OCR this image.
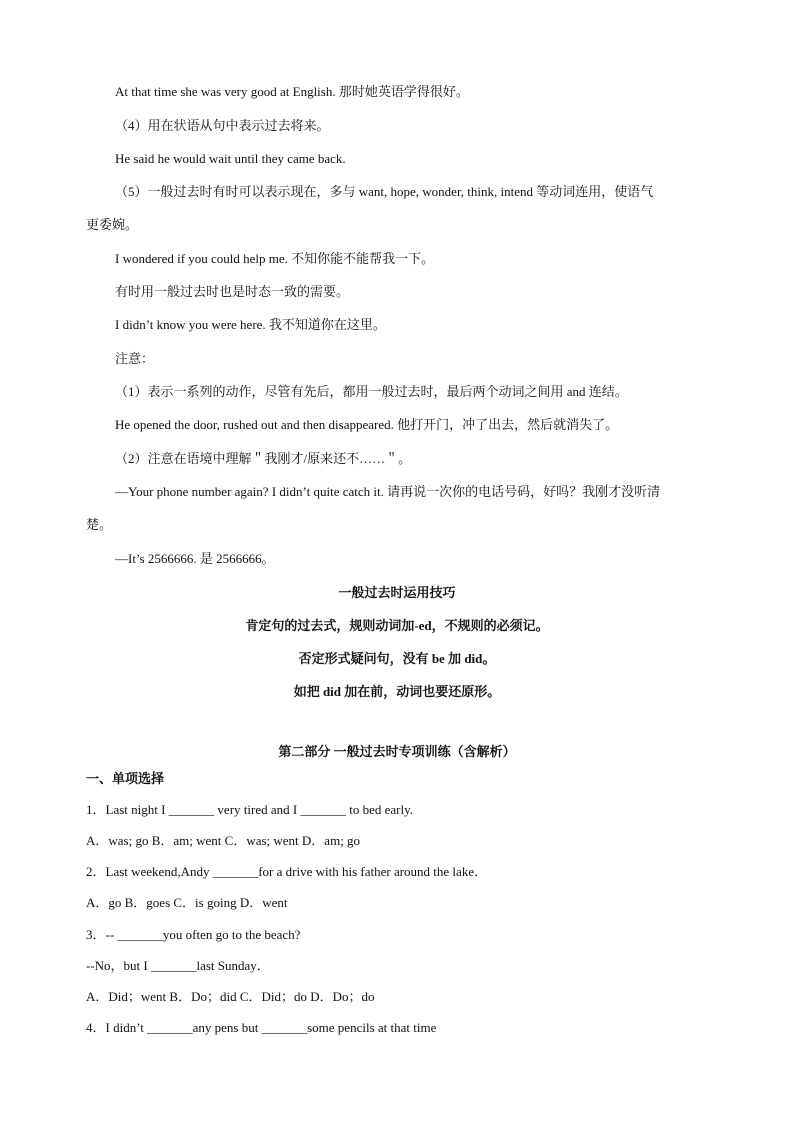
At that time she was very good at English. 那时她英语学得很好。
（4）用在状语从句中表示过去将来。
He said he would wait until they came back.
（5）一般过去时有时可以表示现在，多与 want, hope, wonder, think, intend 等动词连用，使语气
更委婉。
I wondered if you could help me. 不知你能不能帮我一下。
有时用一般过去时也是时态一致的需要。
I didn’t know you were here. 我不知道你在这里。
注意：
（1）表示一系列的动作，尽管有先后，都用一般过去时，最后两个动词之间用 and 连结。
He opened the door, rushed out and then disappeared. 他打开门，冲了出去，然后就消失了。
（2）注意在语境中理解＂我刚才/原来还不……＂。
—Your phone number again? I didn’t quite catch it. 请再说一次你的电话号码，好吗？我刚才没听清
楚。
—It’s 2566666. 是 2566666。
一般过去时运用技巧
肯定句的过去式，规则动词加-ed，不规则的必须记。
否定形式疑问句，没有 be 加 did。
如把 did 加在前，动词也要还原形。
第二部分 一般过去时专项训练（含解析）
一、单项选择
1．Last night I _______ very tired and I _______ to bed early.
A．was; go B．am; went C．was; went D．am; go
2．Last weekend,Andy _______for a drive with his father around the lake．
A．go B．goes C．is going D．went
3．-- _______you often go to the beach?
--No，but I _______last Sunday．
A．Did；went B．Do；did C．Did；do D．Do；do
4．I didn’t _______any pens but _______some pencils at that time
